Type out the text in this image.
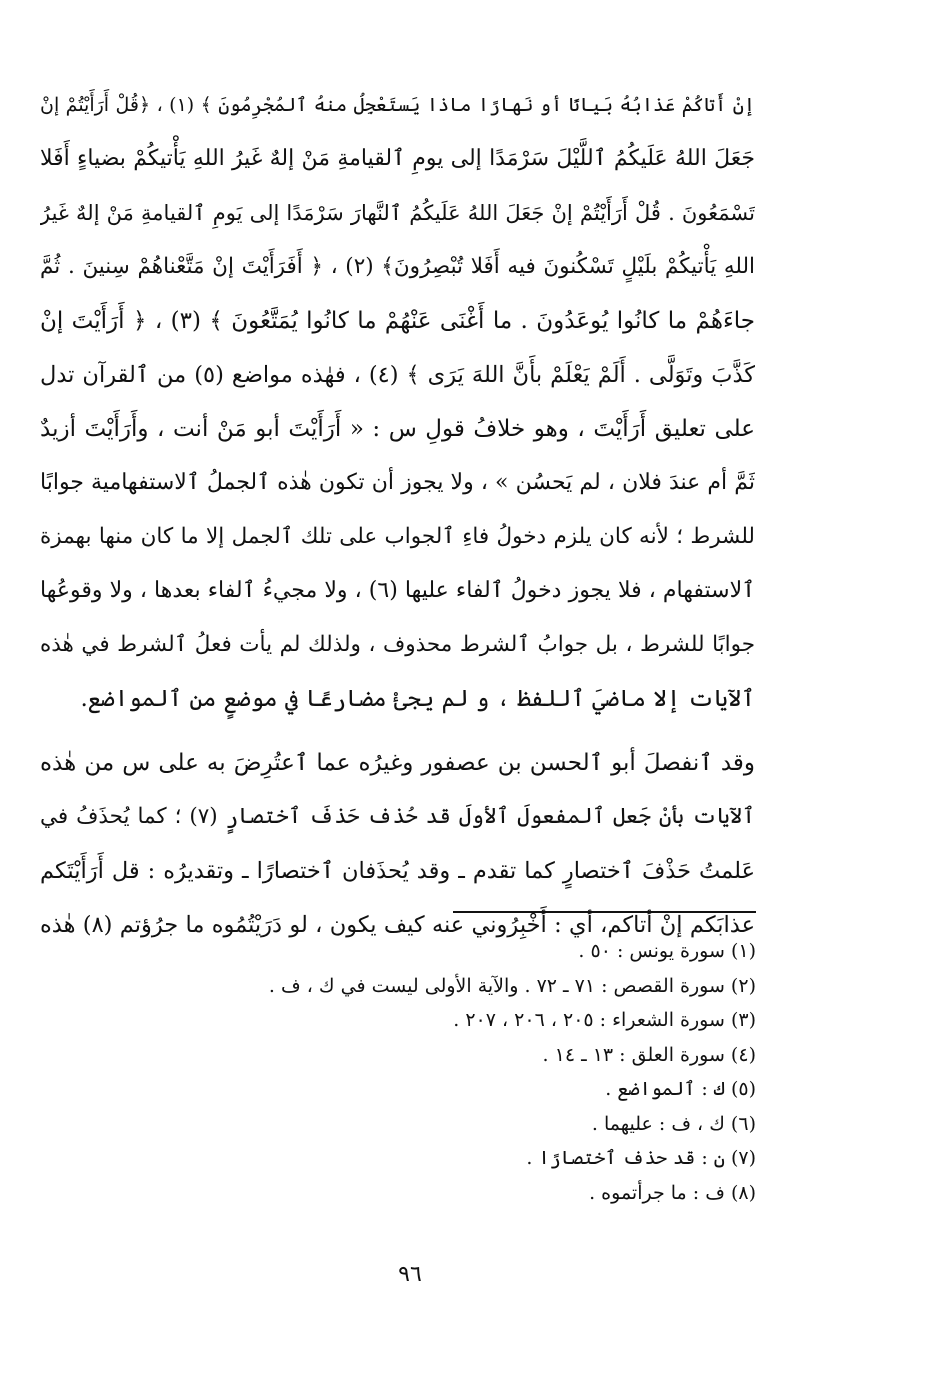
إنْ أَتاكُمْ عَذابُهُ بَيانًا أو نَهارًا ماذا يَستَعْجِلُ منهُ ٱلمُجْرِمُونَ ﴾ (١) ، ﴿قُلْ أَرَأَيْتُمْ إنْ
جَعَلَ اللهُ عَلَيكُمُ ٱللَّيْلَ سَرْمَدًا إلى يومِ ٱلقيامةِ مَنْ إلهٌ غَيرُ اللهِ يَأْتيكُمْ بضياءٍ أَفَلا
تَسْمَعُونَ . قُلْ أَرَأَيْتُمْ إنْ جَعَلَ اللهُ عَلَيكُمُ ٱلنَّهارَ سَرْمَدًا إلى يَومِ ٱلقيامةِ مَنْ إلهٌ غَيرُ
اللهِ يَأْتيكُمْ بلَيْلٍ تَسْكُنونَ فيه أَفَلا تُبْصِرُونَ﴾ (٢) ، ﴿ أَفَرَأَيْتَ إنْ مَتَّعْناهُمْ سِنينَ . ثُمَّ
جاءَهُمْ ما كانُوا يُوعَدُونَ . ما أَغْنَى عَنْهُمْ ما كانُوا يُمَتَّعُونَ ﴾ (٣) ، ﴿ أَرَأَيْتَ إنْ
كَذَّبَ وتَوَلَّى . أَلَمْ يَعْلَمْ بأَنَّ اللهَ يَرَى ﴾ (٤) ، فهٰذه مواضع (٥) من ٱلقرآن تدل
على تعليق أَرَأَيْتَ ، وهو خلافُ قولِ س : « أَرَأَيْتَ أبو مَنْ أنت ، وأَرَأَيْتَ أزيدٌ
ثَمَّ أم عندَ فلان ، لم يَحسُن » ، ولا يجوز أن تكون هٰذه ٱلجملُ ٱلاستفهامية جوابًا
للشرط ؛ لأنه كان يلزم دخولُ فاءِ ٱلجواب على تلك ٱلجمل إلا ما كان منها بهمزة
ٱلاستفهام ، فلا يجوز دخولُ ٱلفاء عليها (٦) ، ولا مجيءُ ٱلفاء بعدها ، ولا وقوعُها
جوابًا للشرط ، بل جوابُ ٱلشرط محذوف ، ولذلك لم يأت فعلُ ٱلشرط في هٰذه
ٱلآيات إلا ماضيَ ٱللفظ ، و لم يجئْ مضارعًا في موضعٍ من ٱلمواضع.
وقد ٱنفصلَ أبو ٱلحسن بن عصفور وغيرُه عما ٱعتُرِضَ به على س من هٰذه
ٱلآيات بأنْ جَعل ٱلمفعولَ ٱلأولَ قد حُذف حَذفَ ٱختصارٍ (٧) ؛ كما يُحذَفُ في
عَلمتُ حَذْفَ ٱختصارٍ كما تقدم ـ وقد يُحذَفان ٱختصارًا ـ وتقديرُه : قل أَرَأَيْتَكم
عذابَكم إنْ أتاكم، أي : أَخْبِرُوني عنه كيف يكون ، لو دَرَيْتُمُوه ما جرُؤتم (٨) هٰذه
(١) سورة يونس : ٥٠ .
(٢) سورة القصص : ٧١ ـ ٧٢ . والآية الأولى ليست في ك ، ف .
(٣) سورة الشعراء : ٢٠٥ ، ٢٠٦ ، ٢٠٧ .
(٤) سورة العلق : ١٣ ـ ١٤ .
(٥) ك : ٱلمواضع .
(٦) ك ، ف : عليهما .
(٧) ن : قد حذف ٱختصارًا .
(٨) ف : ما جرأتموه .
٩٦
